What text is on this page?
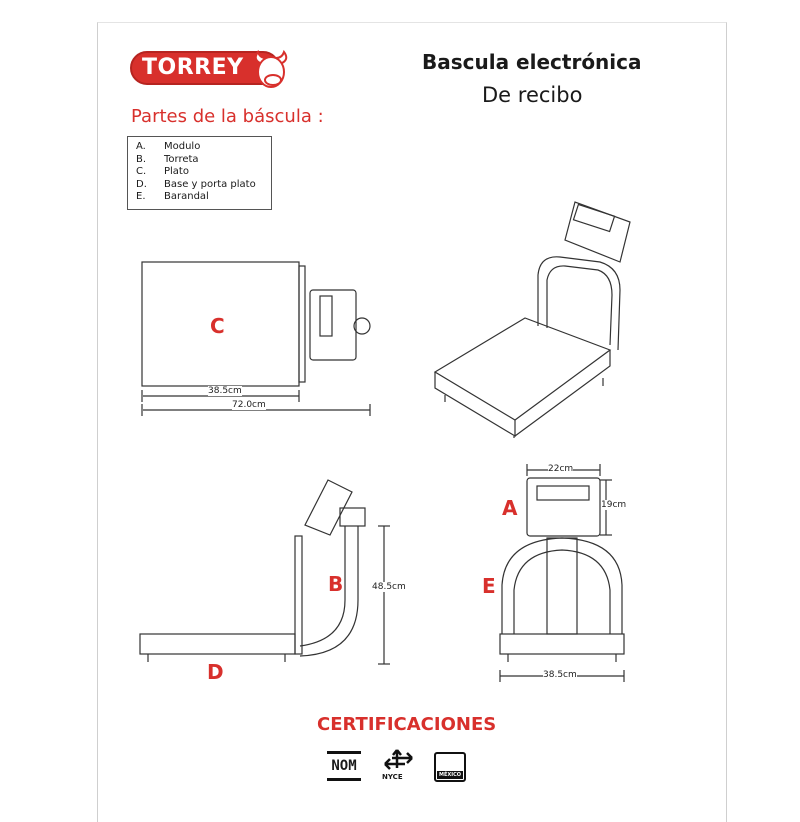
TORREY	Bascula electrónica
De recibo
Partes de la báscula :
A.	Modulo
B.	Torreta
C.	Plato
D.	Base y porta plato
E.	Barandal
C
38.5cm
72.0cm
B
D
48.5cm
A
E
22cm
19cm
38.5cm
CERTIFICACIONES
NOM
NYCE	MÉXICO
